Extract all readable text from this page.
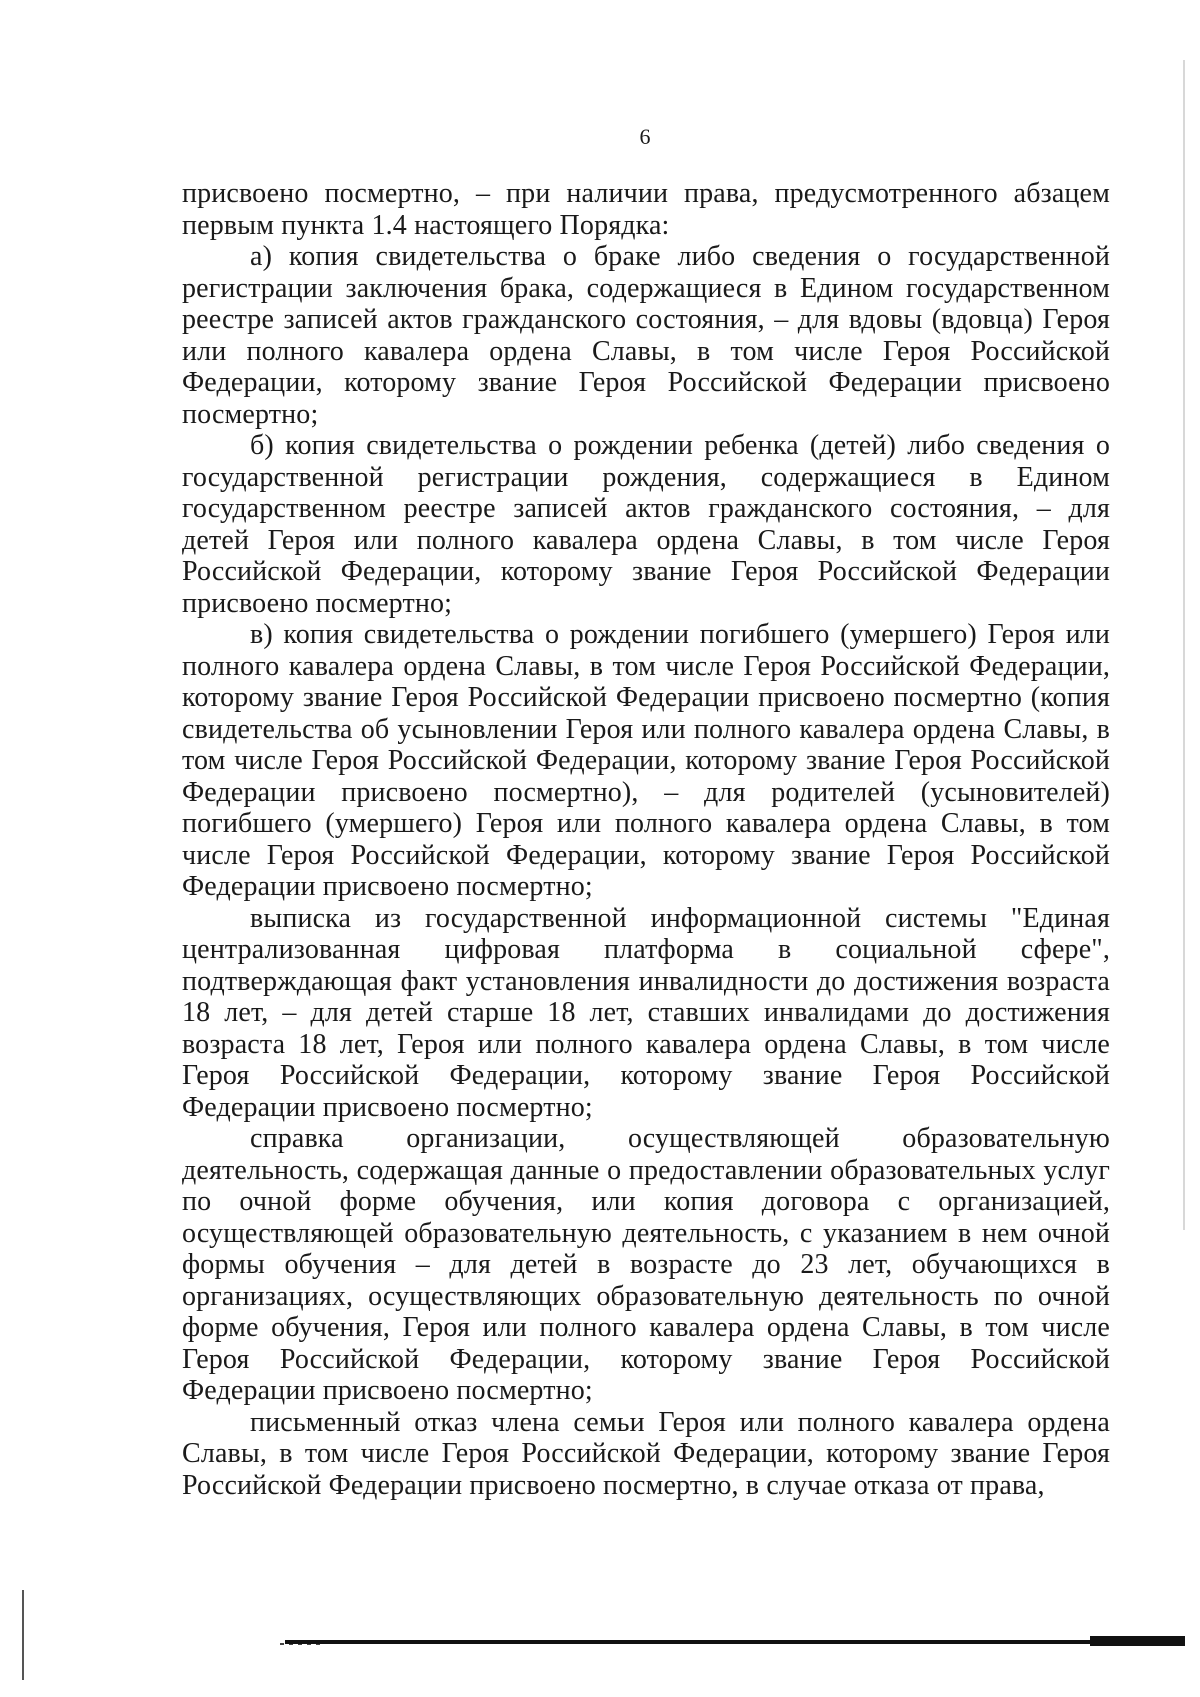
6

присвоено посмертно, – при наличии права, предусмотренного абзацем первым пункта 1.4 настоящего Порядка:

а) копия свидетельства о браке либо сведения о государственной регистрации заключения брака, содержащиеся в Едином государственном реестре записей актов гражданского состояния, – для вдовы (вдовца) Героя или полного кавалера ордена Славы, в том числе Героя Российской Федерации, которому звание Героя Российской Федерации присвоено посмертно;

б) копия свидетельства о рождении ребенка (детей) либо сведения о государственной регистрации рождения, содержащиеся в Едином государственном реестре записей актов гражданского состояния, – для детей Героя или полного кавалера ордена Славы, в том числе Героя Российской Федерации, которому звание Героя Российской Федерации присвоено посмертно;

в) копия свидетельства о рождении погибшего (умершего) Героя или полного кавалера ордена Славы, в том числе Героя Российской Федерации, которому звание Героя Российской Федерации присвоено посмертно (копия свидетельства об усыновлении Героя или полного кавалера ордена Славы, в том числе Героя Российской Федерации, которому звание Героя Российской Федерации присвоено посмертно), – для родителей (усыновителей) погибшего (умершего) Героя или полного кавалера ордена Славы, в том числе Героя Российской Федерации, которому звание Героя Российской Федерации присвоено посмертно;

выписка из государственной информационной системы "Единая централизованная цифровая платформа в социальной сфере", подтверждающая факт установления инвалидности до достижения возраста 18 лет, – для детей старше 18 лет, ставших инвалидами до достижения возраста 18 лет, Героя или полного кавалера ордена Славы, в том числе Героя Российской Федерации, которому звание Героя Российской Федерации присвоено посмертно;

справка организации, осуществляющей образовательную деятельность, содержащая данные о предоставлении образовательных услуг по очной форме обучения, или копия договора с организацией, осуществляющей образовательную деятельность, с указанием в нем очной формы обучения – для детей в возрасте до 23 лет, обучающихся в организациях, осуществляющих образовательную деятельность по очной форме обучения, Героя или полного кавалера ордена Славы, в том числе Героя Российской Федерации, которому звание Героя Российской Федерации присвоено посмертно;

письменный отказ члена семьи Героя или полного кавалера ордена Славы, в том числе Героя Российской Федерации, которому звание Героя Российской Федерации присвоено посмертно, в случае отказа от права,
